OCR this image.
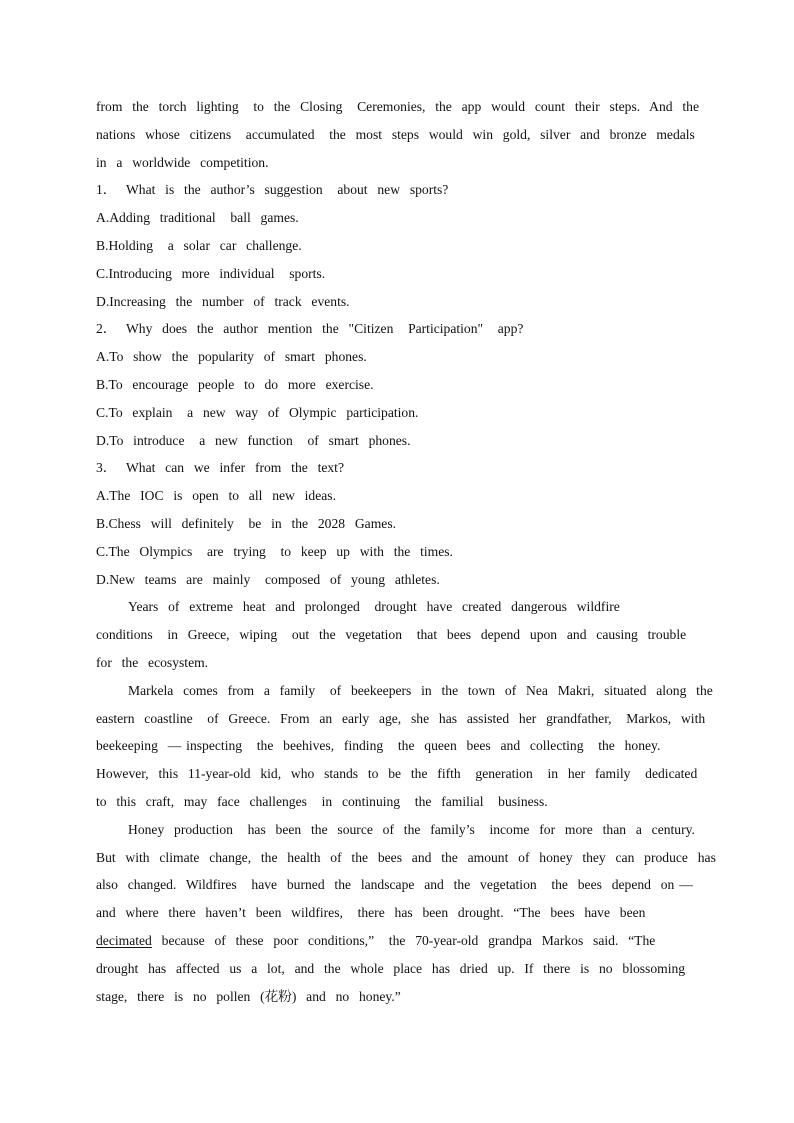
from  the  torch  lighting   to  the  Closing   Ceremonies,  the  app  would  count  their  steps.  And  the
nations  whose  citizens   accumulated   the  most  steps  would  win  gold,  silver  and  bronze  medals
in  a  worldwide  competition.
1．  What  is  the  author’s  suggestion   about  new  sports?
A.Adding  traditional   ball  games.
B.Holding   a  solar  car  challenge.
C.Introducing  more  individual   sports.
D.Increasing  the  number  of  track  events.
2．  Why  does  the  author  mention  the  "Citizen   Participation"   app?
A.To  show  the  popularity  of  smart  phones.
B.To  encourage  people  to  do  more  exercise.
C.To  explain   a  new  way  of  Olympic  participation.
D.To  introduce   a  new  function   of  smart  phones.
3．  What  can  we  infer  from  the  text?
A.The  IOC  is  open  to  all  new  ideas.
B.Chess  will  definitely   be  in  the  2028  Games.
C.The  Olympics   are  trying   to  keep  up  with  the  times.
D.New  teams  are  mainly   composed  of  young  athletes.
Years  of  extreme  heat  and  prolonged   drought  have  created  dangerous  wildfire
conditions   in  Greece,  wiping   out  the  vegetation   that  bees  depend  upon  and  causing  trouble
for  the  ecosystem.
Markela  comes  from  a  family   of  beekeepers  in  the  town  of  Nea  Makri,  situated  along  the
eastern  coastline   of  Greece.  From  an  early  age,  she  has  assisted  her  grandfather,   Markos,  with
beekeeping  — inspecting   the  beehives,  finding   the  queen  bees  and  collecting   the  honey.
However,  this  11-year-old  kid,  who  stands  to  be  the  fifth   generation   in  her  family   dedicated
to  this  craft,  may  face  challenges   in  continuing   the  familial   business.
Honey  production   has  been  the  source  of  the  family’s   income  for  more  than  a  century.
But  with  climate  change,  the  health  of  the  bees  and  the  amount  of  honey  they  can  produce  has
also  changed.  Wildfires   have  burned  the  landscape  and  the  vegetation   the  bees  depend  on —
and  where  there  haven’t  been  wildfires,   there  has  been  drought.  “The  bees  have  been
decimated  because  of  these  poor  conditions,”   the  70-year-old  grandpa  Markos  said.  “The
drought  has  affected  us  a  lot,  and  the  whole  place  has  dried  up.  If  there  is  no  blossoming
stage,  there  is  no  pollen  (花粉)  and  no  honey.”
